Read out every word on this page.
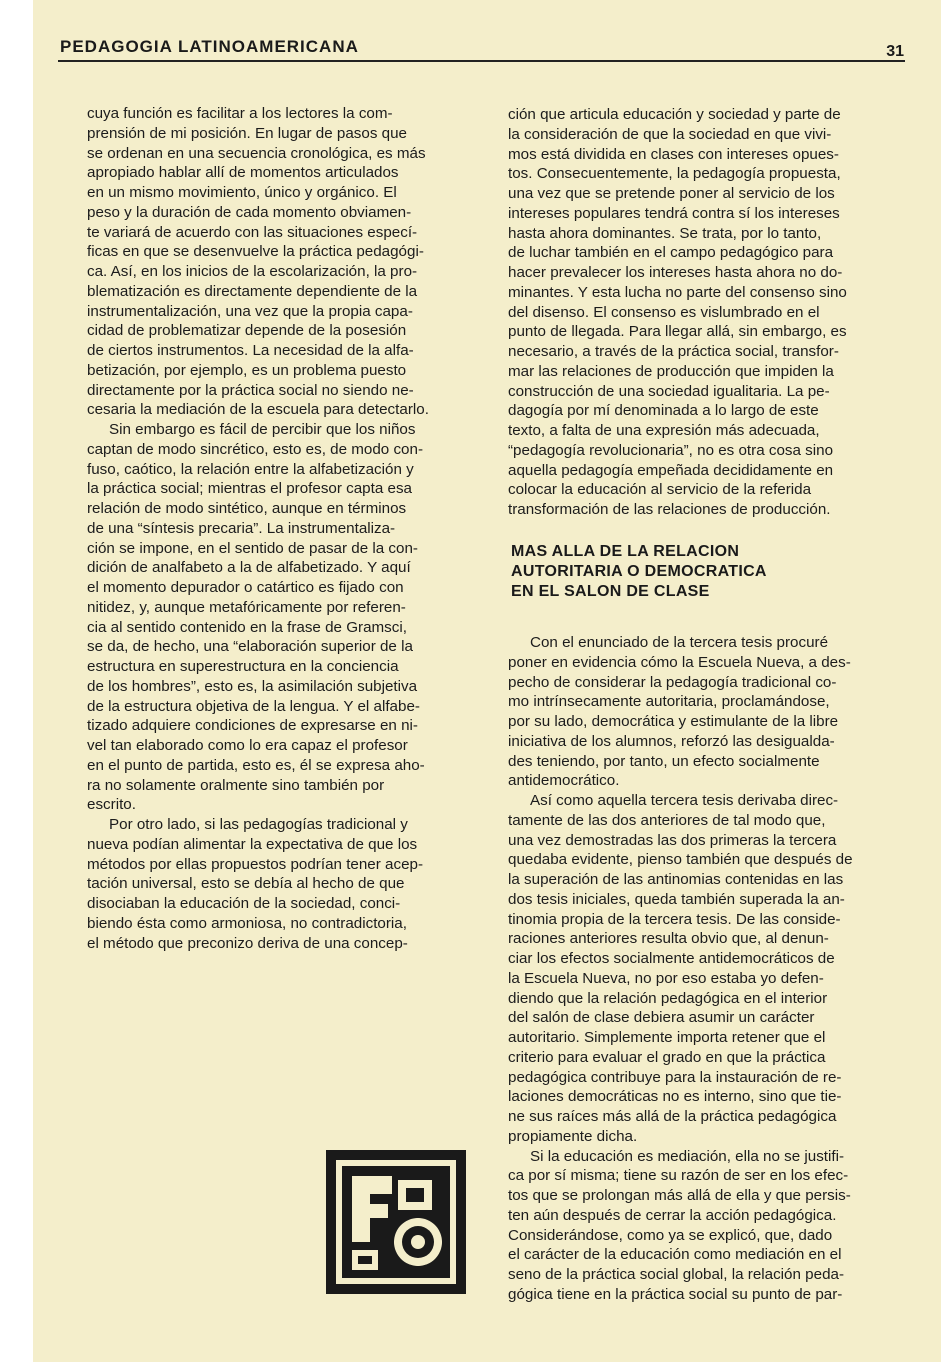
PEDAGOGIA LATINOAMERICANA	31

cuya función es facilitar a los lectores la com-
prensión de mi posición. En lugar de pasos que
se ordenan en una secuencia cronológica, es más
apropiado hablar allí de momentos articulados
en un mismo movimiento, único y orgánico. El
peso y la duración de cada momento obviamen-
te variará de acuerdo con las situaciones especí-
ficas en que se desenvuelve la práctica pedagógi-
ca. Así, en los inicios de la escolarización, la pro-
blematización es directamente dependiente de la
instrumentalización, una vez que la propia capa-
cidad de problematizar depende de la posesión
de ciertos instrumentos. La necesidad de la alfa-
betización, por ejemplo, es un problema puesto
directamente por la práctica social no siendo ne-
cesaria la mediación de la escuela para detectarlo.

Sin embargo es fácil de percibir que los niños
captan de modo sincrético, esto es, de modo con-
fuso, caótico, la relación entre la alfabetización y
la práctica social; mientras el profesor capta esa
relación de modo sintético, aunque en términos
de una “síntesis precaria”. La instrumentaliza-
ción se impone, en el sentido de pasar de la con-
dición de analfabeto a la de alfabetizado. Y aquí
el momento depurador o catártico es fijado con
nitidez, y, aunque metafóricamente por referen-
cia al sentido contenido en la frase de Gramsci,
se da, de hecho, una “elaboración superior de la
estructura en superestructura en la conciencia
de los hombres”, esto es, la asimilación subjetiva
de la estructura objetiva de la lengua. Y el alfabe-
tizado adquiere condiciones de expresarse en ni-
vel tan elaborado como lo era capaz el profesor
en el punto de partida, esto es, él se expresa aho-
ra no solamente oralmente sino también por
escrito.

Por otro lado, si las pedagogías tradicional y
nueva podían alimentar la expectativa de que los
métodos por ellas propuestos podrían tener acep-
tación universal, esto se debía al hecho de que
disociaban la educación de la sociedad, conci-
biendo ésta como armoniosa, no contradictoria,
el método que preconizo deriva de una concep-

ción que articula educación y sociedad y parte de
la consideración de que la sociedad en que vivi-
mos está dividida en clases con intereses opues-
tos. Consecuentemente, la pedagogía propuesta,
una vez que se pretende poner al servicio de los
intereses populares tendrá contra sí los intereses
hasta ahora dominantes. Se trata, por lo tanto,
de luchar también en el campo pedagógico para
hacer prevalecer los intereses hasta ahora no do-
minantes. Y esta lucha no parte del consenso sino
del disenso. El consenso es vislumbrado en el
punto de llegada. Para llegar allá, sin embargo, es
necesario, a través de la práctica social, transfor-
mar las relaciones de producción que impiden la
construcción de una sociedad igualitaria. La pe-
dagogía por mí denominada a lo largo de este
texto, a falta de una expresión más adecuada,
“pedagogía revolucionaria”, no es otra cosa sino
aquella pedagogía empeñada decididamente en
colocar la educación al servicio de la referida
transformación de las relaciones de producción.

MAS ALLA DE LA RELACION
AUTORITARIA O DEMOCRATICA
EN EL SALON DE CLASE

Con el enunciado de la tercera tesis procuré
poner en evidencia cómo la Escuela Nueva, a des-
pecho de considerar la pedagogía tradicional co-
mo intrínsecamente autoritaria, proclamándose,
por su lado, democrática y estimulante de la libre
iniciativa de los alumnos, reforzó las desigualda-
des teniendo, por tanto, un efecto socialmente
antidemocrático.

Así como aquella tercera tesis derivaba direc-
tamente de las dos anteriores de tal modo que,
una vez demostradas las dos primeras la tercera
quedaba evidente, pienso también que después de
la superación de las antinomias contenidas en las
dos tesis iniciales, queda también superada la an-
tinomia propia de la tercera tesis. De las conside-
raciones anteriores resulta obvio que, al denun-
ciar los efectos socialmente antidemocráticos de
la Escuela Nueva, no por eso estaba yo defen-
diendo que la relación pedagógica en el interior
del salón de clase debiera asumir un carácter
autoritario. Simplemente importa retener que el
criterio para evaluar el grado en que la práctica
pedagógica contribuye para la instauración de re-
laciones democráticas no es interno, sino que tie-
ne sus raíces más allá de la práctica pedagógica
propiamente dicha.

Si la educación es mediación, ella no se justifi-
ca por sí misma; tiene su razón de ser en los efec-
tos que se prolongan más allá de ella y que persis-
ten aún después de cerrar la acción pedagógica.
Considerándose, como ya se explicó, que, dado
el carácter de la educación como mediación en el
seno de la práctica social global, la relación peda-
gógica tiene en la práctica social su punto de par-
